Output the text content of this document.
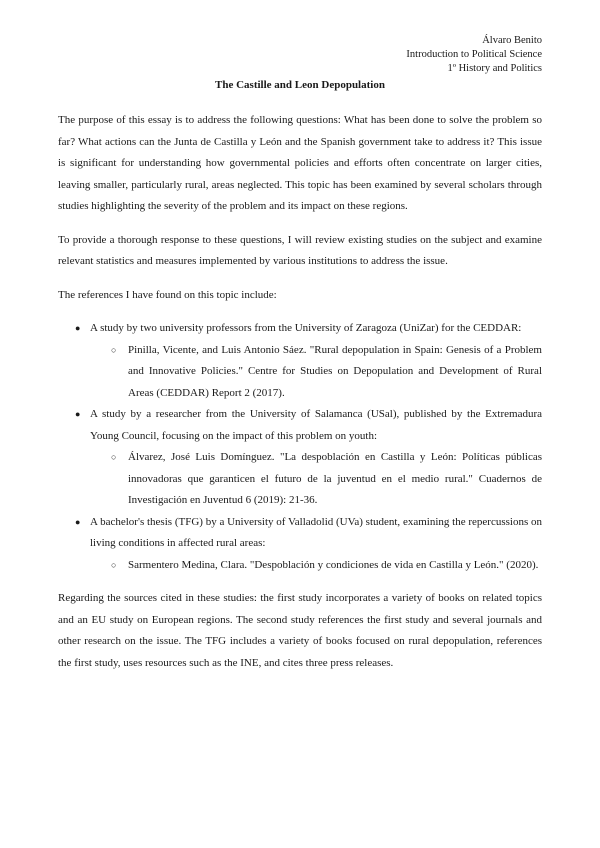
Álvaro Benito
Introduction to Political Science
1º History and Politics
The Castille and Leon Depopulation

The purpose of this essay is to address the following questions: What has been done to solve the problem so far? What actions can the Junta de Castilla y León and the Spanish government take to address it? This issue is significant for understanding how governmental policies and efforts often concentrate on larger cities, leaving smaller, particularly rural, areas neglected. This topic has been examined by several scholars through studies highlighting the severity of the problem and its impact on these regions.

To provide a thorough response to these questions, I will review existing studies on the subject and examine relevant statistics and measures implemented by various institutions to address the issue.

The references I have found on this topic include:

● A study by two university professors from the University of Zaragoza (UniZar) for the CEDDAR:
○ Pinilla, Vicente, and Luis Antonio Sáez. "Rural depopulation in Spain: Genesis of a Problem and Innovative Policies." Centre for Studies on Depopulation and Development of Rural Areas (CEDDAR) Report 2 (2017).
● A study by a researcher from the University of Salamanca (USal), published by the Extremadura Young Council, focusing on the impact of this problem on youth:
○ Álvarez, José Luis Domínguez. "La despoblación en Castilla y León: Políticas públicas innovadoras que garanticen el futuro de la juventud en el medio rural." Cuadernos de Investigación en Juventud 6 (2019): 21-36.
● A bachelor's thesis (TFG) by a University of Valladolid (UVa) student, examining the repercussions on living conditions in affected rural areas:
○ Sarmentero Medina, Clara. "Despoblación y condiciones de vida en Castilla y León." (2020).

Regarding the sources cited in these studies: the first study incorporates a variety of books on related topics and an EU study on European regions. The second study references the first study and several journals and other research on the issue. The TFG includes a variety of books focused on rural depopulation, references the first study, uses resources such as the INE, and cites three press releases.
